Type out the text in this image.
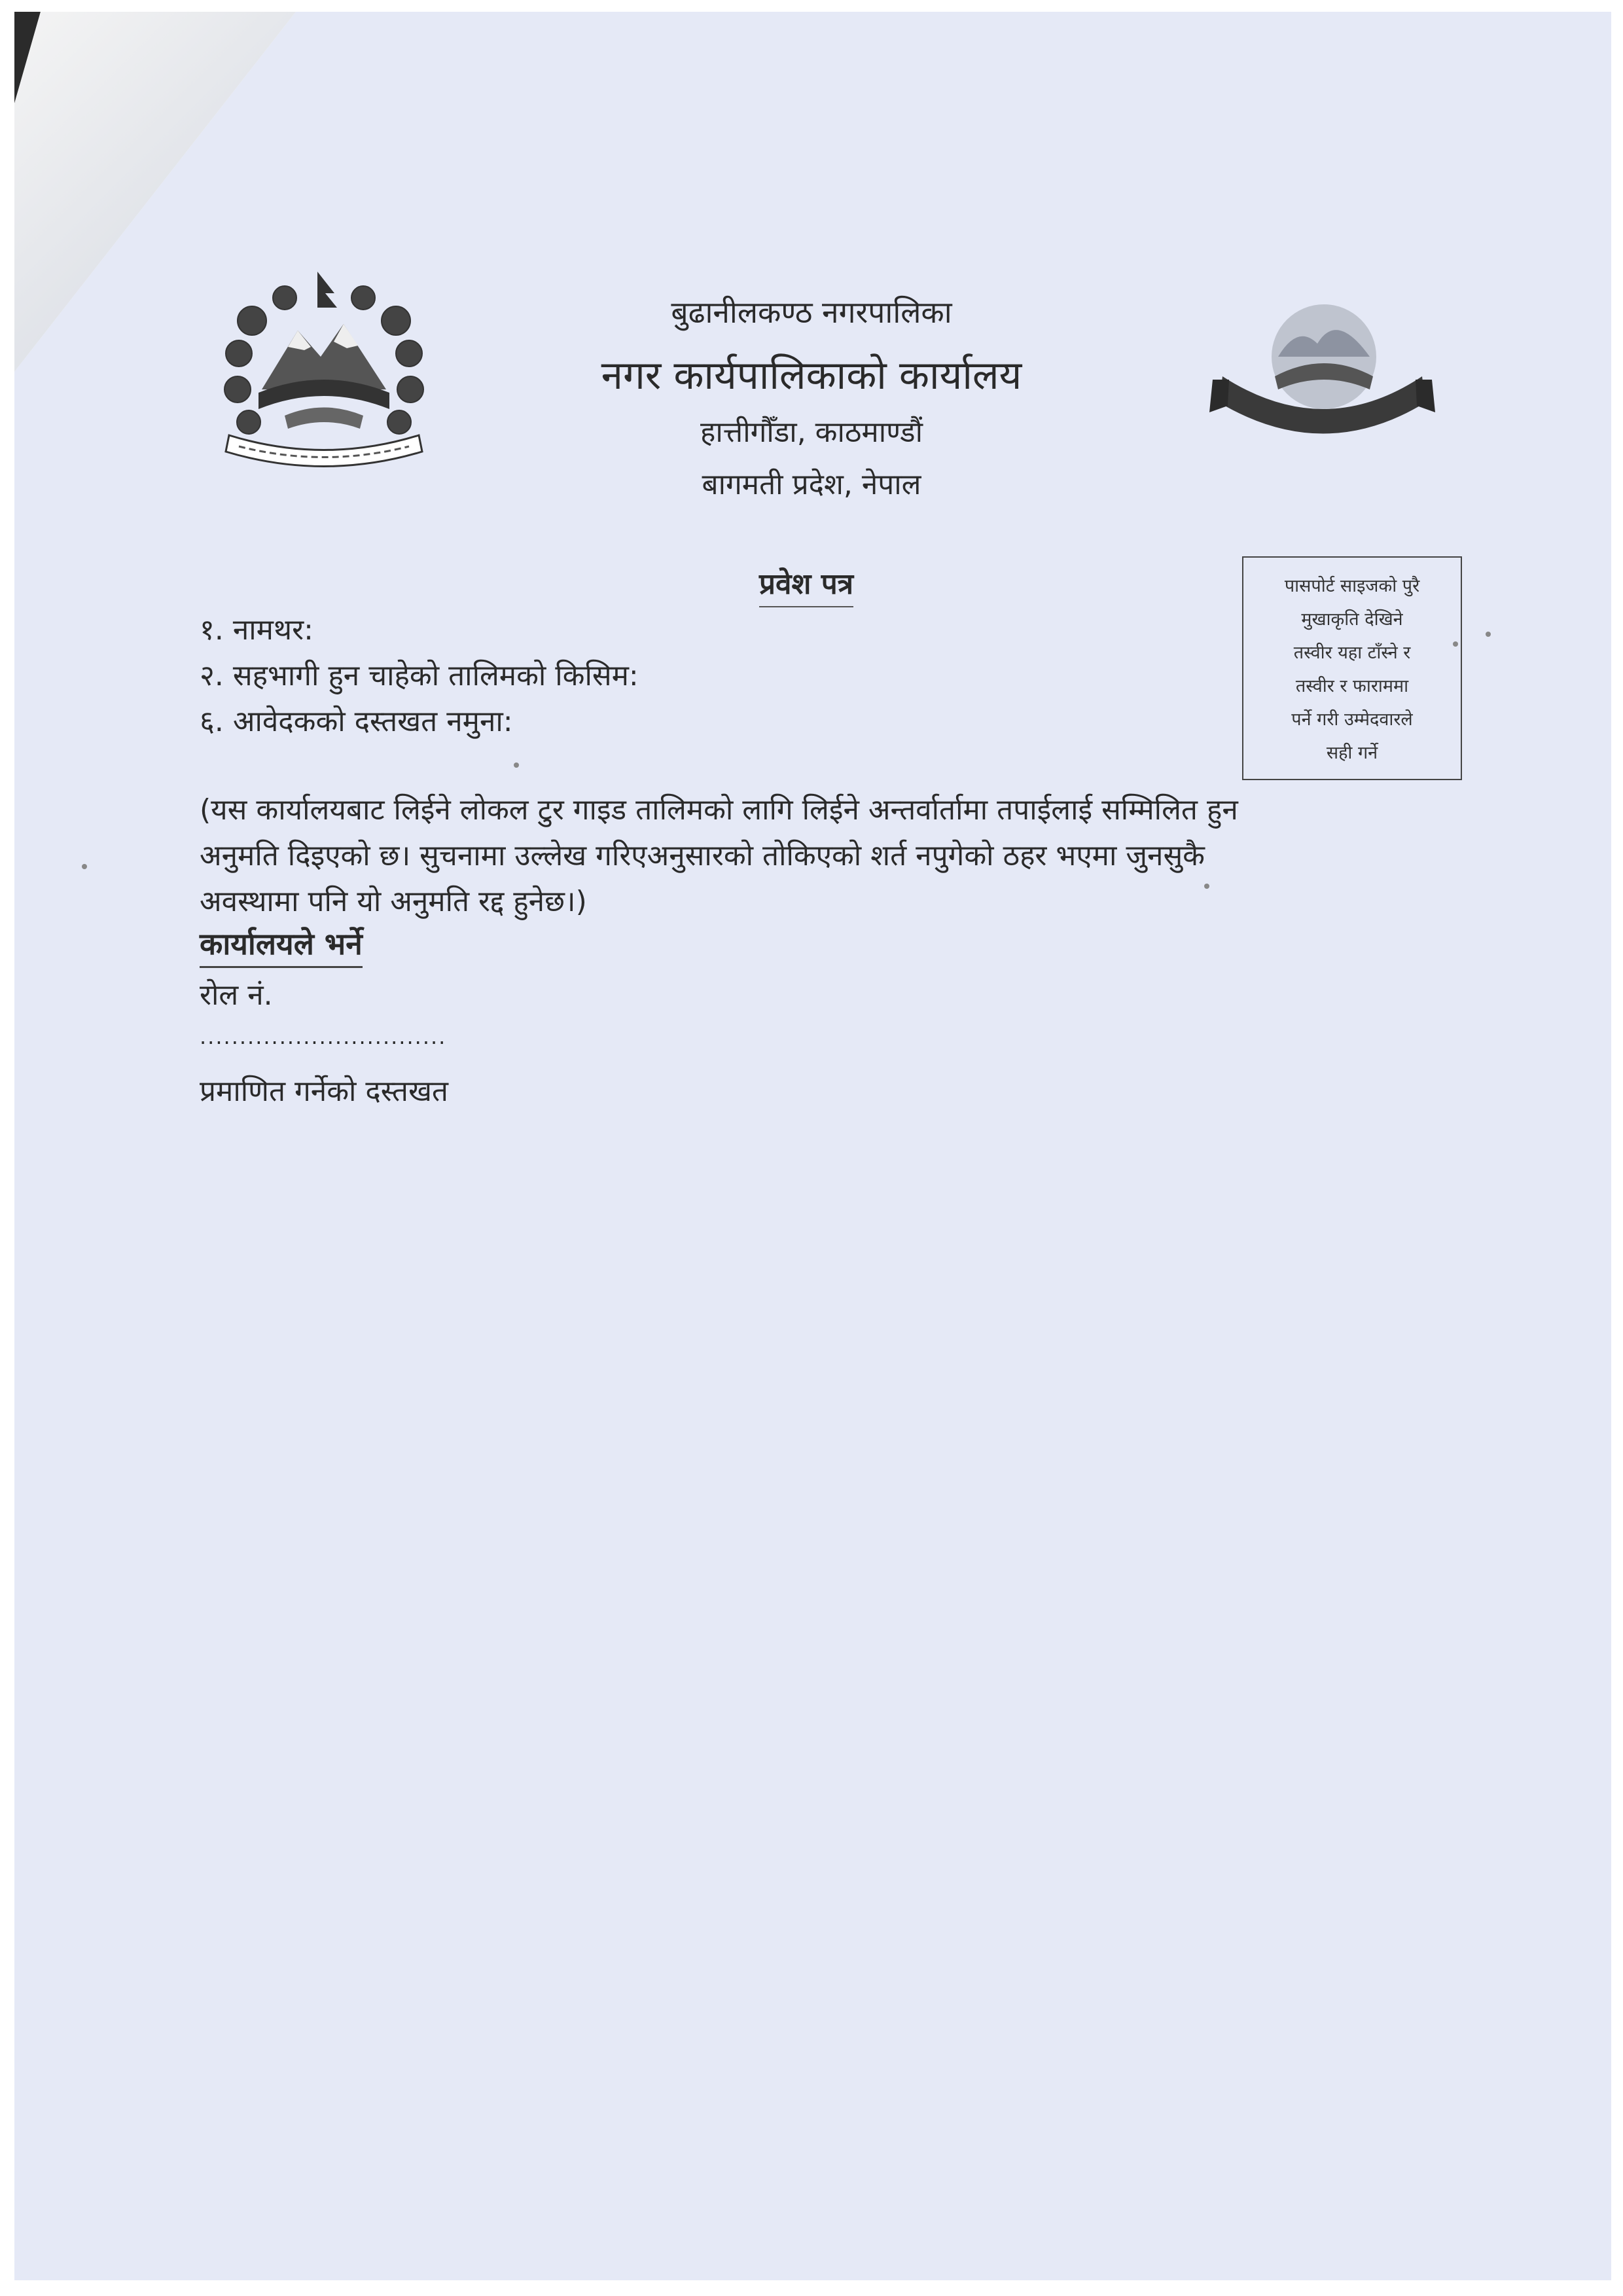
बुढानीलकण्ठ नगरपालिका
नगर कार्यपालिकाको कार्यालय
हात्तीगौँडा, काठमाण्डौं
बागमती प्रदेश, नेपाल
प्रवेश पत्र
१. नामथर:
२. सहभागी हुन चाहेको तालिमको किसिम:
६. आवेदकको दस्तखत नमुना:
पासपोर्ट साइजको पुरै
मुखाकृति देखिने
तस्वीर यहा टाँस्ने र
तस्वीर र फाराममा
पर्ने गरी उम्मेदवारले
सही गर्ने
(यस कार्यालयबाट लिईने लोकल टुर गाइड तालिमको लागि लिईने अन्तर्वार्तामा तपाईलाई सम्मिलित हुन
अनुमति दिइएको छ। सुचनामा उल्लेख गरिएअनुसारको तोकिएको शर्त नपुगेको ठहर भएमा जुनसुकै
अवस्थामा पनि यो अनुमति रद्द हुनेछ।)
कार्यालयले भर्ने
रोल नं.
...............................
प्रमाणित गर्नेको दस्तखत
